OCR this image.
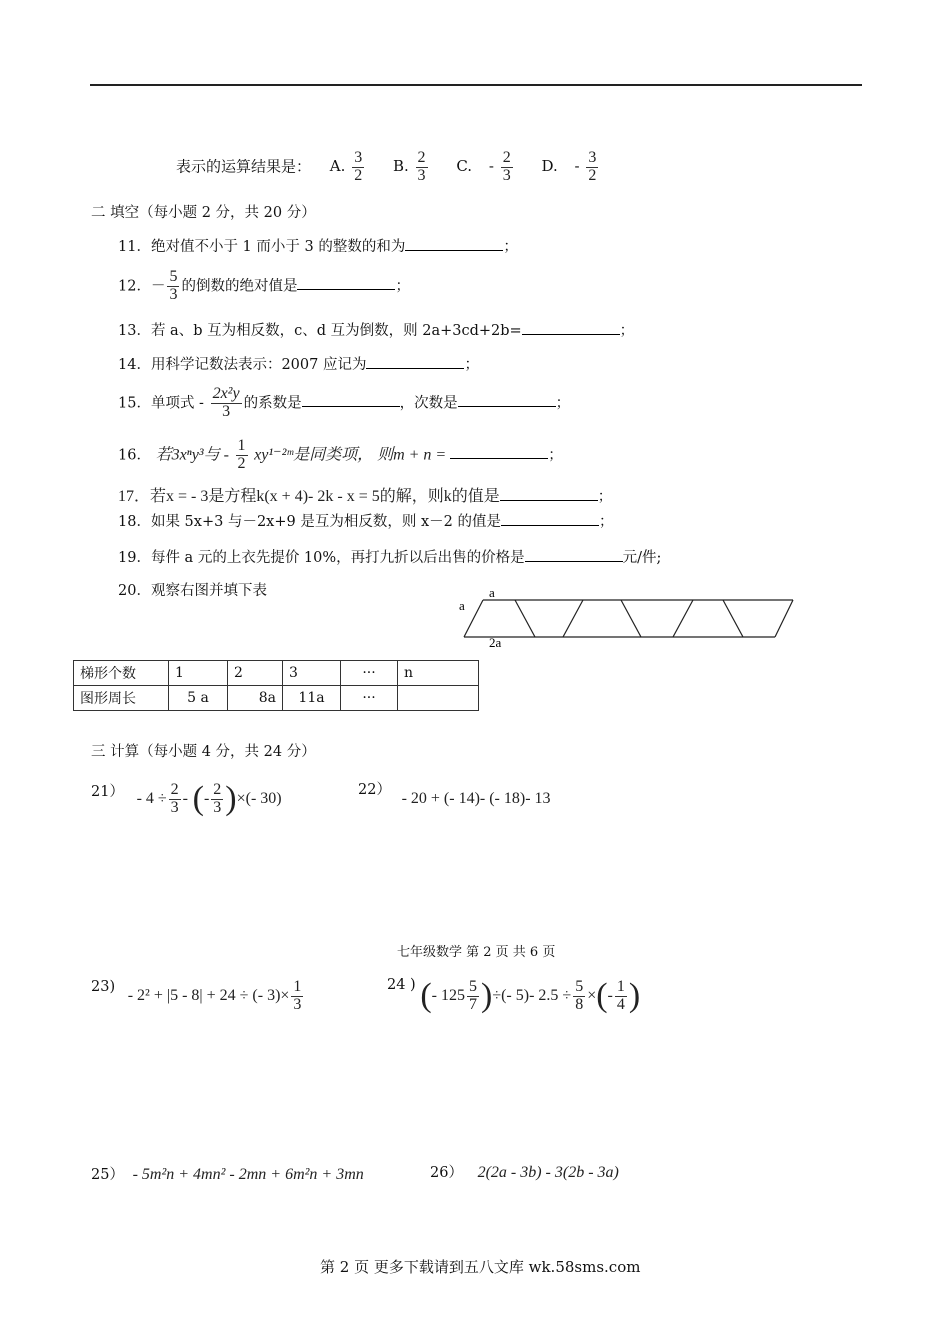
表示的运算结果是： A. $\frac{3}{2} B$. $\frac{2}{3} C$. - $\frac{2}{3} D$. - $\frac{3}{2}$
二 填空（每小题 2 分，共 20 分）
11．绝对值不小于 1 而小于 3 的整数的和为	；
12．－ $\frac{5}{3}$ 的倒数的绝对值是	；
13．若 a、b 互为相反数，c、d 互为倒数，则 2a+3cd+2b=	；
14．用科学记数法表示：2007 应记为	；
15．单项式 - $\frac{\text{2x²y}}{3}$ 的系数是	，次数是	；
16． 若3xⁿy³与 - $\frac{1}{2}$ xy¹⁻²ᵐ是同类项， 则m + n =	；
17．若x = - 3是方程k(x + 4)- 2k - x = 5的解，则k的值是	；
18．如果 5x+3 与－2x+9 是互为相反数，则 x－2 的值是	；
19．每件 a 元的上衣先提价 10%，再打九折以后出售的价格是	元/件;
20．观察右图并填下表	a
a
2a
梯形个数	1	2	3	···	n
图形周长	5 a	8a	11a	···	
三 计算（每小题 4 分，共 24 分）
$21) - 4 \div \frac{2}{3}$ - (- $\frac{2}{3}$ )×(- 30)	22） - 20 + (- 14)- (- 18)- 13
七年级数学 第 2 页 共 6 页
23) - 2² + |5 - 8| + 24 ÷ (- $3)\times \frac{1}{3}$	24 ) (- $125 \frac{5}{7}$ )÷(- 5)- $2.5 \div \frac{5}{8}$ ×(- $\frac{1}{4}$ )
25） - 5m²n + 4mn² - 2mn + 6m²n + 3mn	26） 2(2a - 3b) - 3(2b - 3a)
第 2 页 更多下载请到五八文库 wk.58sms.com
